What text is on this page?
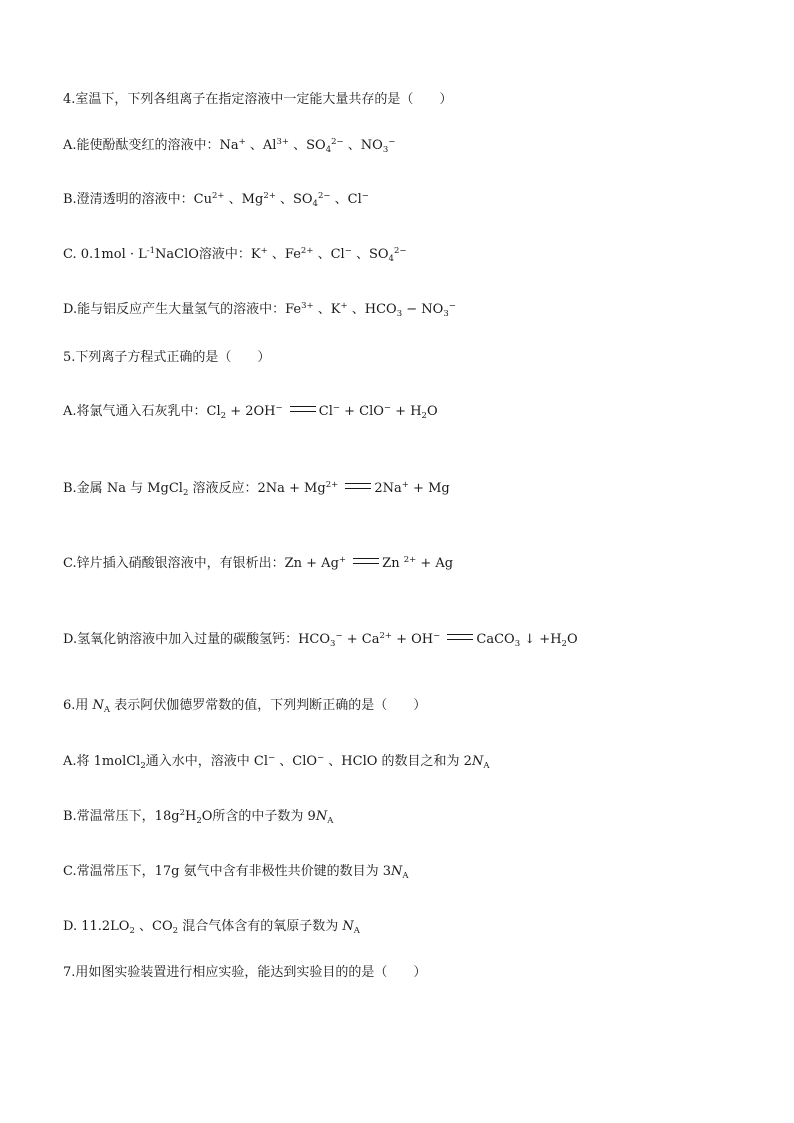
4.室温下，下列各组离子在指定溶液中一定能大量共存的是（　　）
A.能使酚酞变红的溶液中：Na+ 、$Al^{3+}$ 、$SO_4^{2-}$ 、$NO_3^-$
B.澄清透明的溶液中：$Cu^{2+}$ 、$Mg^{2+}$ 、$SO_4^{2-}$ 、Cl−
C. $0.1mol \cdot L^{-1}NaClO$溶液中：K+ 、$Fe^{2+}$ 、Cl− 、$SO_4^{2-}$
D.能与铝反应产生大量氢气的溶液中：$Fe^{3+}$ 、K+ 、$HCO_3 - NO_3^-$
5.下列离子方程式正确的是（　　）
A.将氯气通入石灰乳中：$Cl_2 + 2OH^-$	$Cl^- + ClO^- + H_2O$
B.金属 Na 与 MgCl$_2$ 溶液反应：$2Na + Mg^{2+}$	2Na+ + Mg
C.锌片插入硝酸银溶液中，有银析出：Zn + Ag+	Zn $^{2+}$ + Ag
D.氢氧化钠溶液中加入过量的碳酸氢钙：$HCO_3^- + Ca^{2+} + OH^-$	CaCO$_3$ ↓ $+H_2O$
6.用 $N_A$ 表示阿伏伽德罗常数的值，下列判断正确的是（　　）
A.将 1molCl$_2$通入水中，溶液中 Cl− 、ClO− 、HClO 的数目之和为 $2N_A$
B.常温常压下，$18g^2H_2O$所含的中子数为 $9N_A$
C.常温常压下，17g 氨气中含有非极性共价键的数目为 $3N_A$
D. $11.2LO_2$ 、$CO_2$ 混合气体含有的氧原子数为 $N_A$
7.用如图实验装置进行相应实验，能达到实验目的的是（　　）
